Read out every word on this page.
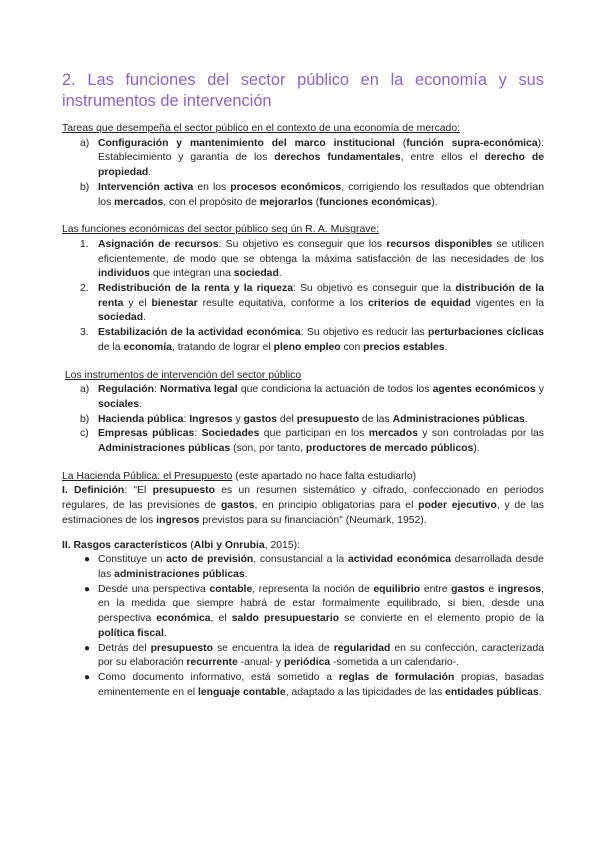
2. Las funciones del sector público en la economía y sus instrumentos de intervención

Tareas que desempeña el sector público en el contexto de una economía de mercado:

a) Configuración y mantenimiento del marco institucional (función supra-económica): Establecimiento y garantía de los derechos fundamentales, entre ellos el derecho de propiedad.
b) Intervención activa en los procesos económicos, corrigiendo los resultados que obtendrían los mercados, con el propósito de mejorarlos (funciones económicas).

Las funciones económicas del sector público seg ún R. A. Musgrave:

1. Asignación de recursos: Su objetivo es conseguir que los recursos disponibles se utilicen eficientemente, de modo que se obtenga la máxima satisfacción de las necesidades de los individuos que integran una sociedad.
2. Redistribución de la renta y la riqueza: Su objetivo es conseguir que la distribución de la renta y el bienestar resulte equitativa, conforme a los criterios de equidad vigentes en la sociedad.
3. Estabilización de la actividad económica: Su objetivo es reducir las perturbaciones cíclicas de la economía, tratando de lograr el pleno empleo con precios estables.

Los instrumentos de intervención del sector público

a) Regulación: Normativa legal que condiciona la actuación de todos los agentes económicos y sociales.
b) Hacienda pública: Ingresos y gastos del presupuesto de las Administraciones públicas.
c) Empresas públicas: Sociedades que participan en los mercados y son controladas por las Administraciones públicas (son, por tanto, productores de mercado públicos).

La Hacienda Pública: el Presupuesto (este apartado no hace falta estudiarlo)

I. Definición: "El presupuesto es un resumen sistemático y cifrado, confeccionado en periodos regulares, de las previsiones de gastos, en principio obligatorias para el poder ejecutivo, y de las estimaciones de los ingresos previstos para su financiación" (Neumark, 1952).

II. Rasgos característicos (Albi y Onrubia, 2015):

● Constituye un acto de previsión, consustancial a la actividad económica desarrollada desde las administraciones públicas.
● Desde una perspectiva contable, representa la noción de equilibrio entre gastos e ingresos, en la medida que siempre habrá de estar formalmente equilibrado, si bien, desde una perspectiva económica, el saldo presupuestario se convierte en el elemento propio de la política fiscal.
● Detrás del presupuesto se encuentra la idea de regularidad en su confección, caracterizada por su elaboración recurrente -anual- y periódica -sometida a un calendario-.
● Como documento informativo, está sometido a reglas de formulación propias, basadas eminentemente en el lenguaje contable, adaptado a las tipicidades de las entidades públicas.
